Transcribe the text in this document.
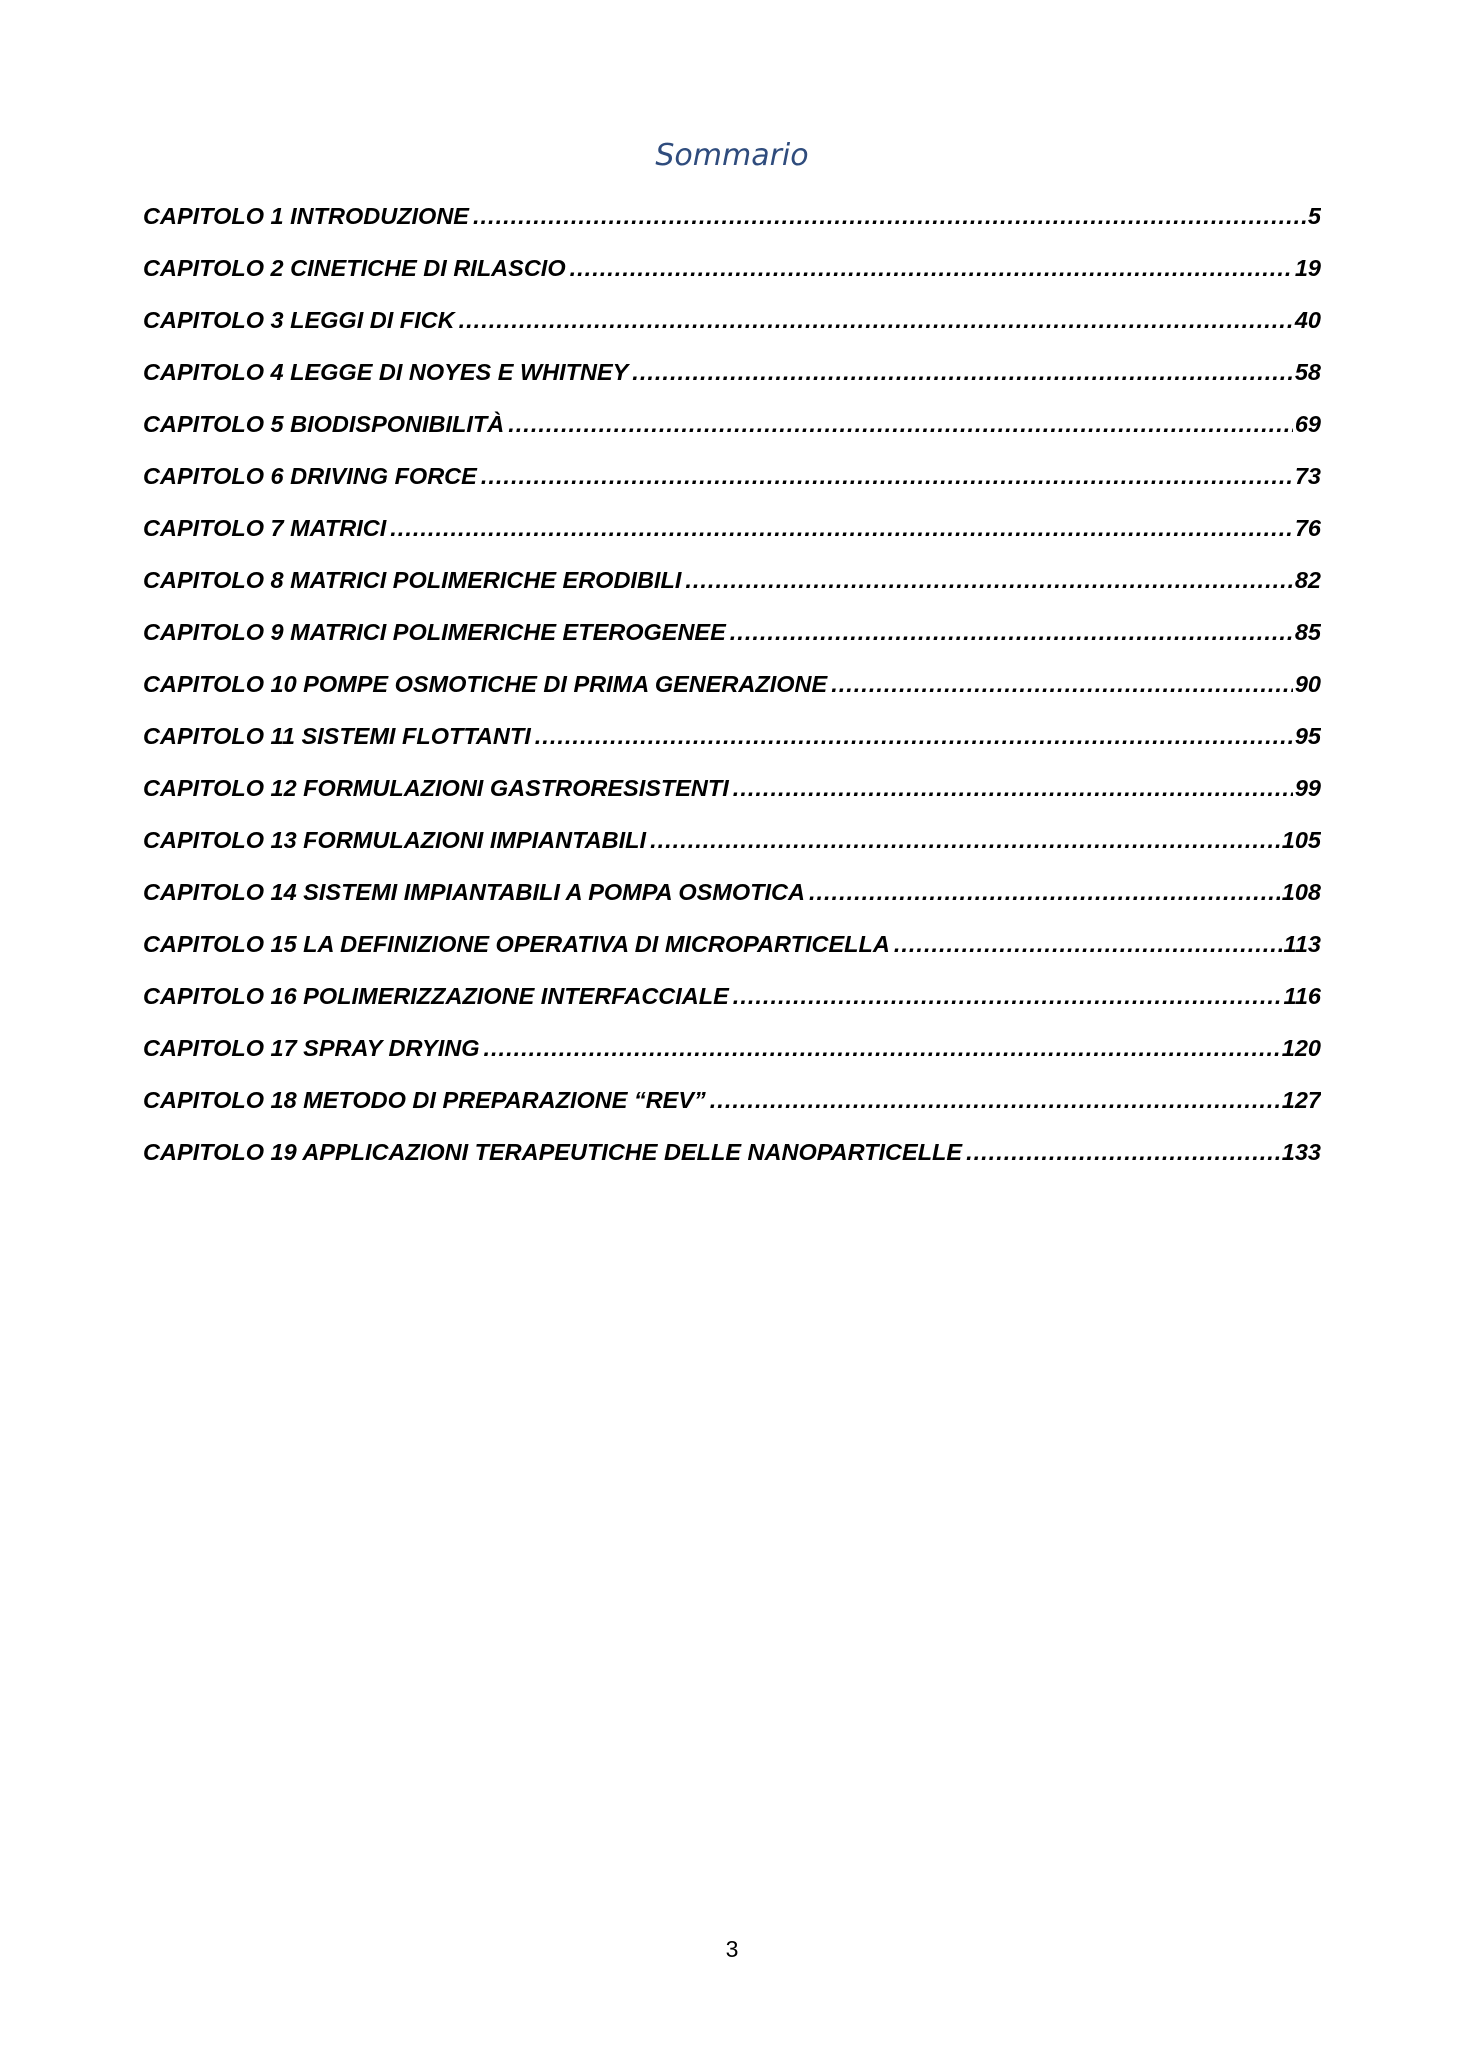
Sommario
CAPITOLO 1 INTRODUZIONE .....	5
CAPITOLO 2 CINETICHE DI RILASCIO .....	19
CAPITOLO 3 LEGGI DI FICK .....	40
CAPITOLO 4 LEGGE DI NOYES E WHITNEY .....	58
CAPITOLO 5 BIODISPONIBILITÀ .....	69
CAPITOLO 6 DRIVING FORCE .....	73
CAPITOLO 7 MATRICI .....	76
CAPITOLO 8 MATRICI POLIMERICHE ERODIBILI .....	82
CAPITOLO 9 MATRICI POLIMERICHE ETEROGENEE .....	85
CAPITOLO 10 POMPE OSMOTICHE DI PRIMA GENERAZIONE .....	90
CAPITOLO 11 SISTEMI FLOTTANTI .....	95
CAPITOLO 12 FORMULAZIONI GASTRORESISTENTI .....	99
CAPITOLO 13 FORMULAZIONI IMPIANTABILI .....	105
CAPITOLO 14 SISTEMI IMPIANTABILI A POMPA OSMOTICA .....	108
CAPITOLO 15 LA DEFINIZIONE OPERATIVA DI MICROPARTICELLA .....	113
CAPITOLO 16 POLIMERIZZAZIONE INTERFACCIALE .....	116
CAPITOLO 17 SPRAY DRYING .....	120
CAPITOLO 18 METODO DI PREPARAZIONE “REV” .....	127
CAPITOLO 19 APPLICAZIONI TERAPEUTICHE DELLE NANOPARTICELLE .....	133
3
